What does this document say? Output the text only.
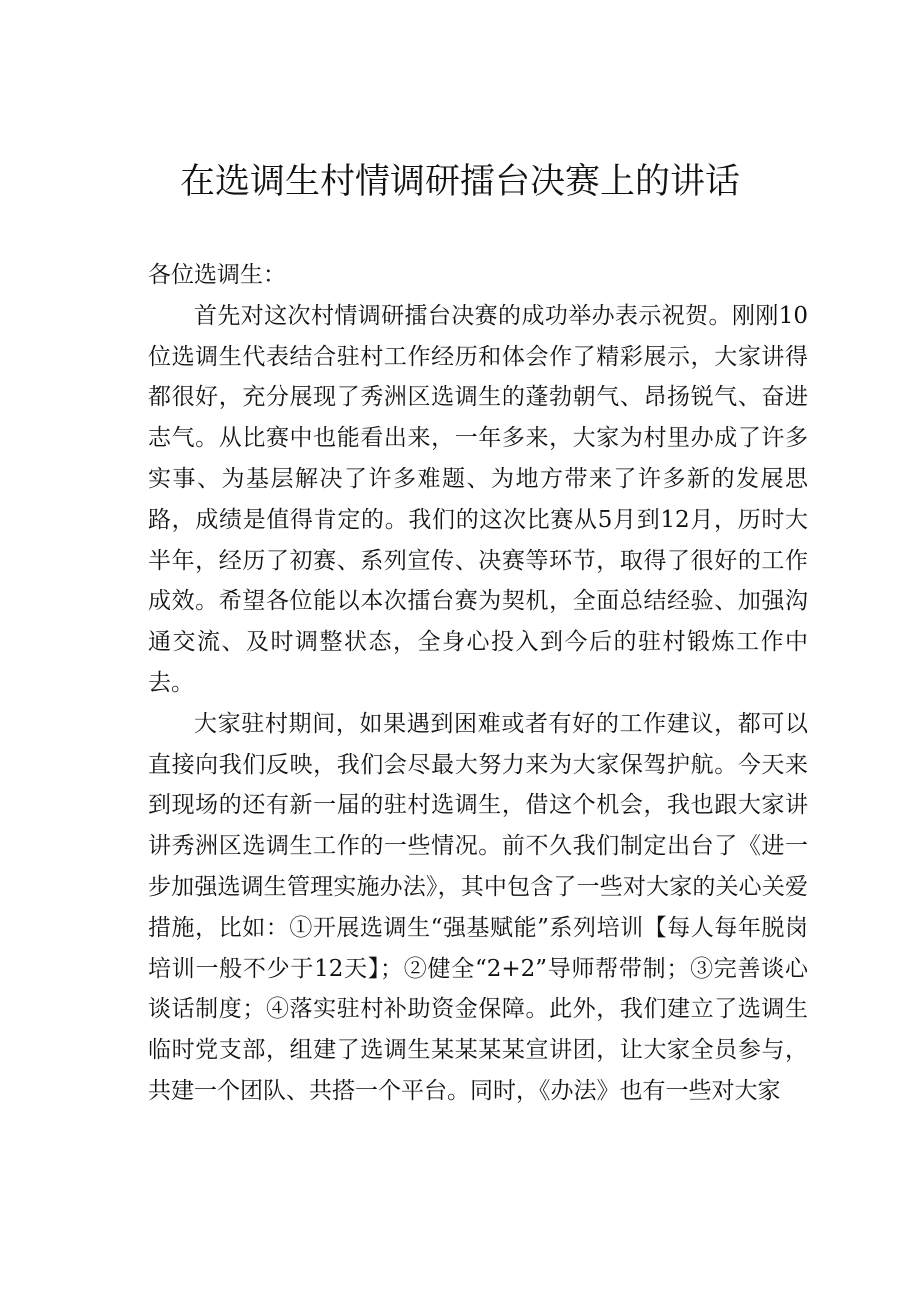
在选调生村情调研擂台决赛上的讲话

各位选调生：

首先对这次村情调研擂台决赛的成功举办表示祝贺。刚刚10位选调生代表结合驻村工作经历和体会作了精彩展示，大家讲得都很好，充分展现了秀洲区选调生的蓬勃朝气、昂扬锐气、奋进志气。从比赛中也能看出来，一年多来，大家为村里办成了许多实事、为基层解决了许多难题、为地方带来了许多新的发展思路，成绩是值得肯定的。我们的这次比赛从5月到12月，历时大半年，经历了初赛、系列宣传、决赛等环节，取得了很好的工作成效。希望各位能以本次擂台赛为契机，全面总结经验、加强沟通交流、及时调整状态，全身心投入到今后的驻村锻炼工作中去。

大家驻村期间，如果遇到困难或者有好的工作建议，都可以直接向我们反映，我们会尽最大努力来为大家保驾护航。今天来到现场的还有新一届的驻村选调生，借这个机会，我也跟大家讲讲秀洲区选调生工作的一些情况。前不久我们制定出台了《进一步加强选调生管理实施办法》，其中包含了一些对大家的关心关爱措施，比如：①开展选调生“强基赋能”系列培训【每人每年脱岗培训一般不少于12天】；②健全“2+2”导师帮带制；③完善谈心谈话制度；④落实驻村补助资金保障。此外，我们建立了选调生临时党支部，组建了选调生某某某某宣讲团，让大家全员参与，共建一个团队、共搭一个平台。同时，《办法》也有一些对大家
